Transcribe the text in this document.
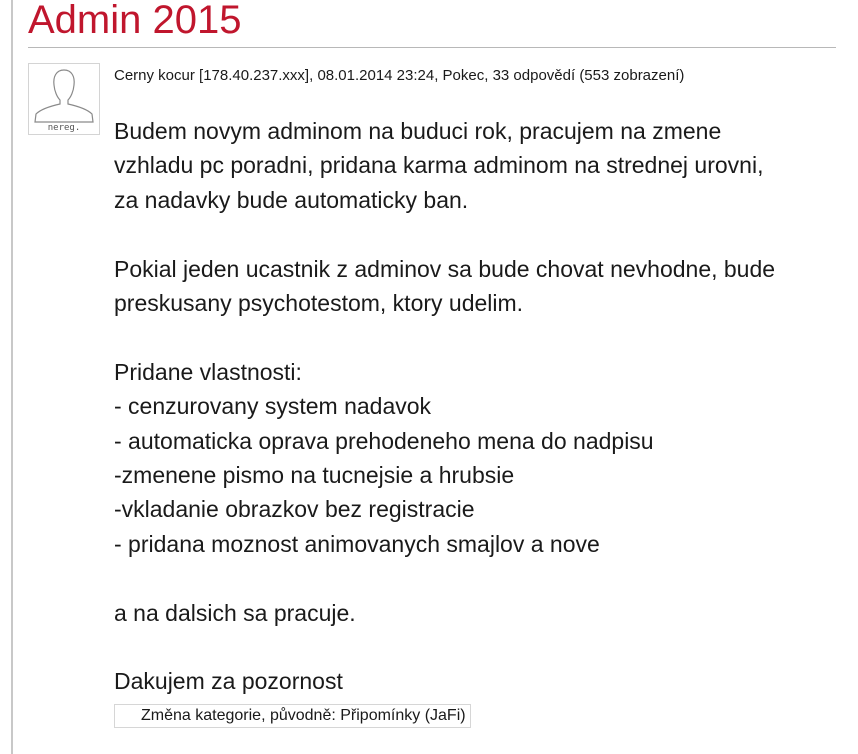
Admin 2015
nereg.
Cerny kocur [178.40.237.xxx], 08.01.2014 23:24, Pokec, 33 odpovědí (553 zobrazení)

Budem novym adminom na buduci rok, pracujem na zmene

vzhladu pc poradni, pridana karma adminom na strednej urovni,

za nadavky bude automaticky ban.

Pokial jeden ucastnik z adminov sa bude chovat nevhodne, bude

preskusany psychotestom, ktory udelim.

Pridane vlastnosti:

- cenzurovany system nadavok

- automaticka oprava prehodeneho mena do nadpisu

-zmenene pismo na tucnejsie a hrubsie

-vkladanie obrazkov bez registracie

- pridana moznost animovanych smajlov a nove

a na dalsich sa pracuje.

Dakujem za pozornost

Změna kategorie, původně: Připomínky (JaFi)
